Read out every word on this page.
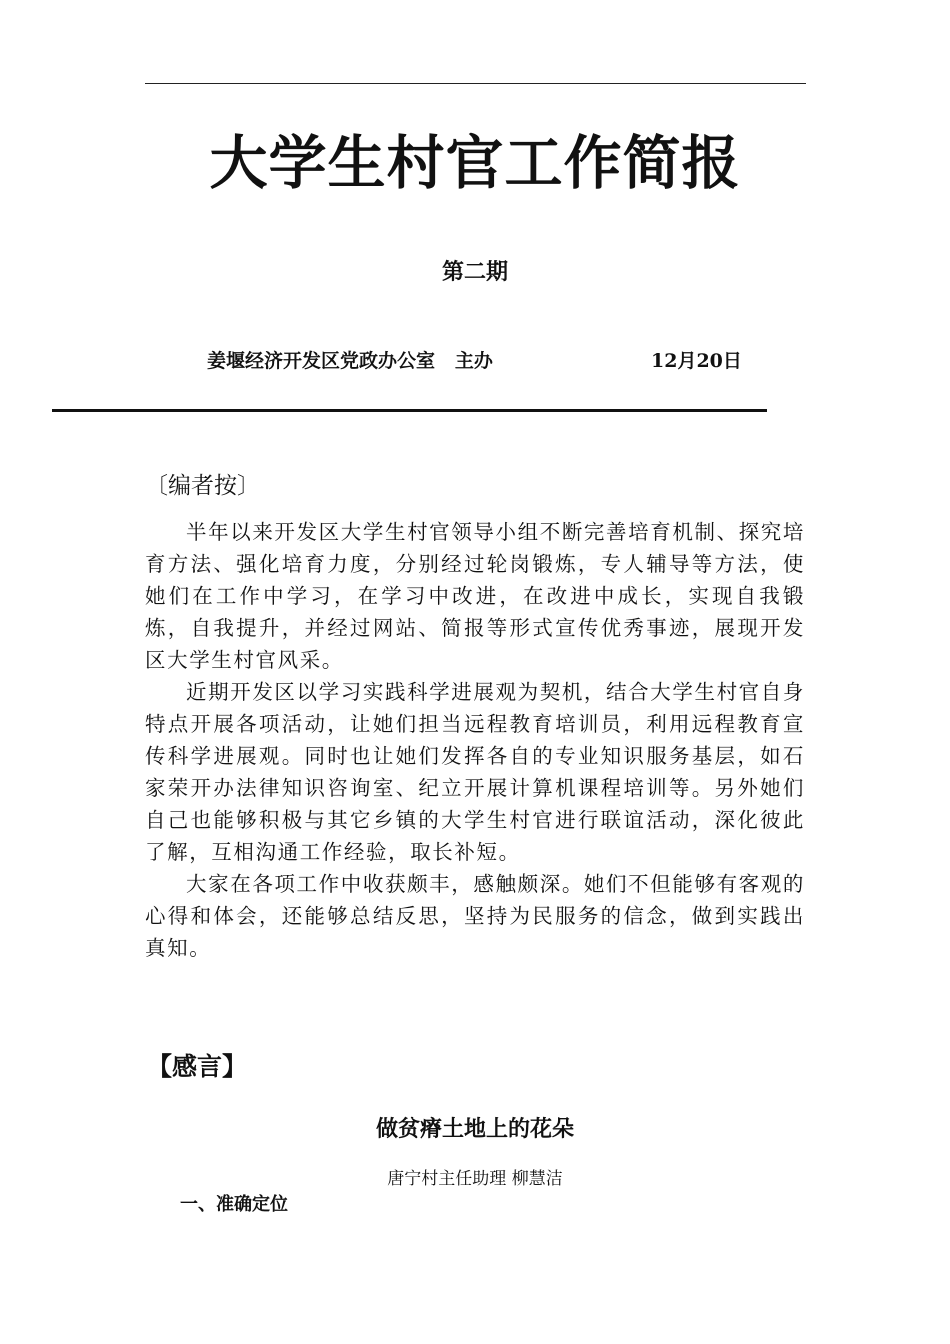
大学生村官工作简报
第二期
姜堰经济开发区党政办公室   主办	12月20日
〔编者按〕

半年以来开发区大学生村官领导小组不断完善培育机制、探究培育方法、强化培育力度，分别经过轮岗锻炼，专人辅导等方法，使她们在工作中学习，在学习中改进，在改进中成长，实现自我锻炼，自我提升，并经过网站、简报等形式宣传优秀事迹，展现开发区大学生村官风采。

近期开发区以学习实践科学进展观为契机，结合大学生村官自身特点开展各项活动，让她们担当远程教育培训员，利用远程教育宣传科学进展观。同时也让她们发挥各自的专业知识服务基层，如石家荣开办法律知识咨询室、纪立开展计算机课程培训等。另外她们自己也能够积极与其它乡镇的大学生村官进行联谊活动，深化彼此了解，互相沟通工作经验，取长补短。

大家在各项工作中收获颇丰，感触颇深。她们不但能够有客观的心得和体会，还能够总结反思，坚持为民服务的信念，做到实践出真知。

【感言】
做贫瘠土地上的花朵
唐宁村主任助理 柳慧洁
一、准确定位
